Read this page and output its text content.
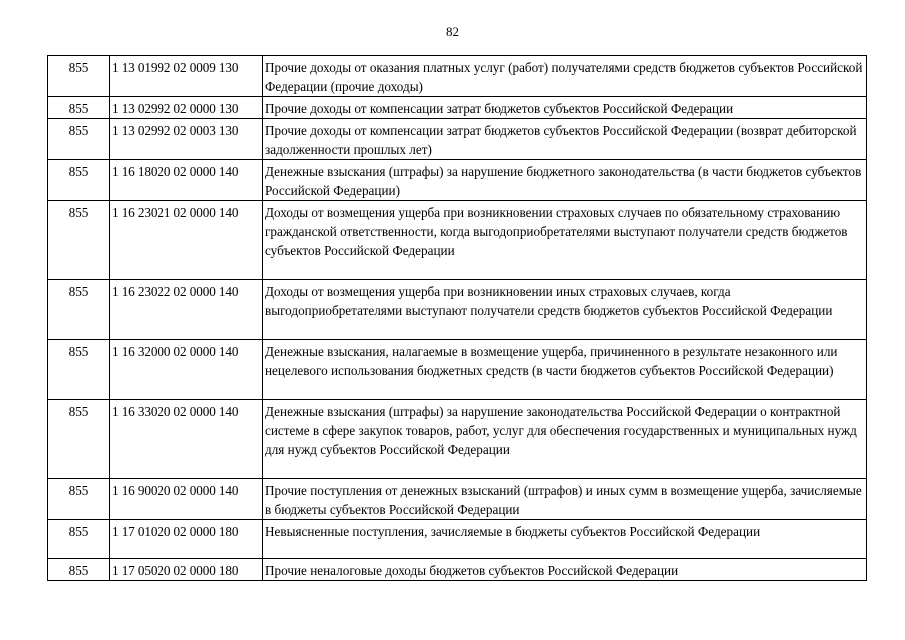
82
855	1 13 01992 02 0009 130	Прочие доходы от оказания платных услуг (работ) получателями средств бюджетов субъектов Российской Федерации (прочие доходы)
855	1 13 02992 02 0000 130	Прочие доходы от компенсации затрат бюджетов субъектов Российской Федерации
855	1 13 02992 02 0003 130	Прочие доходы от компенсации затрат бюджетов субъектов Российской Федерации (возврат дебиторской задолженности прошлых лет)
855	1 16 18020 02 0000 140	Денежные взыскания (штрафы) за нарушение бюджетного законодательства (в части бюджетов субъектов Российской Федерации)
855	1 16 23021 02 0000 140	Доходы от возмещения ущерба при возникновении страховых случаев по обязательному страхованию гражданской ответственности, когда выгодоприобретателями выступают получатели средств бюджетов субъектов Российской Федерации
855	1 16 23022 02 0000 140	Доходы от возмещения ущерба при возникновении иных страховых случаев, когда выгодоприобретателями выступают получатели средств бюджетов субъектов Российской Федерации
855	1 16 32000 02 0000 140	Денежные взыскания, налагаемые в возмещение ущерба, причиненного в результате незаконного или нецелевого использования бюджетных средств (в части бюджетов субъектов Российской Федерации)
855	1 16 33020 02 0000 140	Денежные взыскания (штрафы) за нарушение законодательства Российской Федерации о контрактной системе в сфере закупок товаров, работ, услуг для обеспечения государственных и муниципальных нужд для нужд субъектов Российской Федерации
855	1 16 90020 02 0000 140	Прочие поступления от денежных взысканий (штрафов) и иных сумм в возмещение ущерба, зачисляемые в бюджеты субъектов Российской Федерации
855	1 17 01020 02 0000 180	Невыясненные поступления, зачисляемые в бюджеты субъектов Российской Федерации
855	1 17 05020 02 0000 180	Прочие неналоговые доходы бюджетов субъектов Российской Федерации
